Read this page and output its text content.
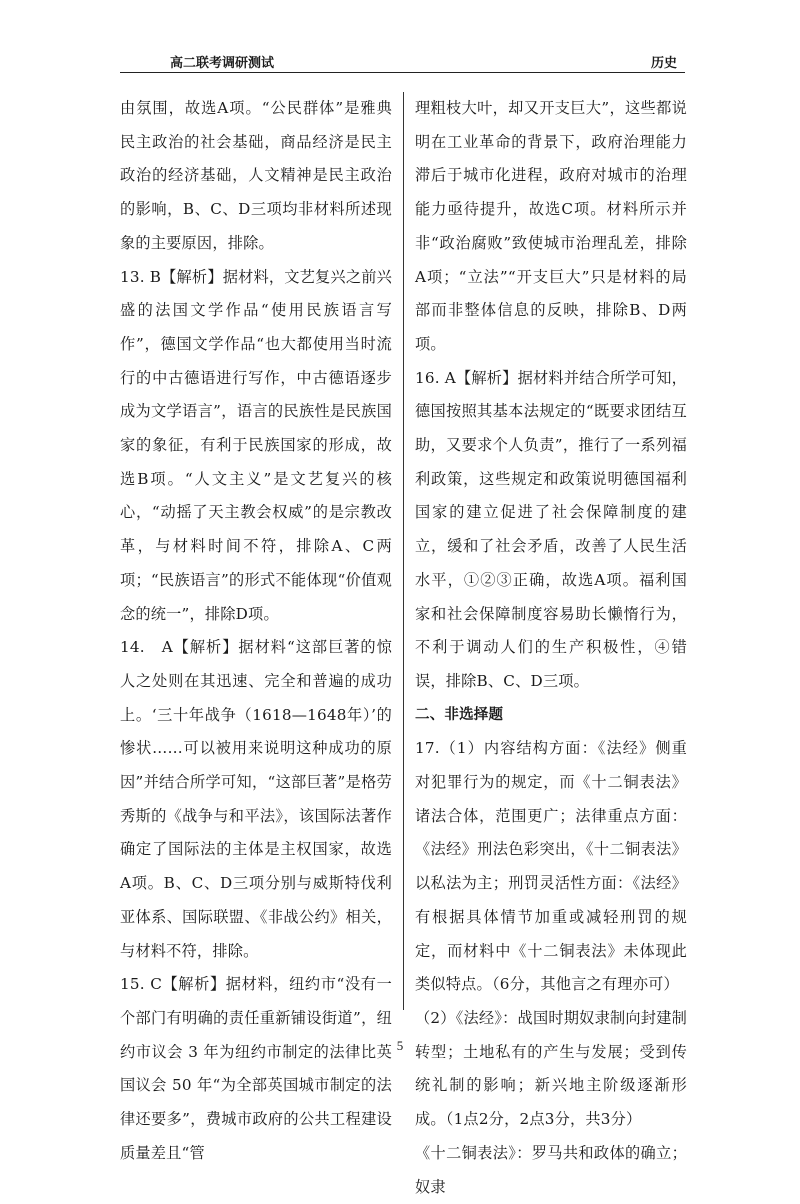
高二联考调研测试	历史

由氛围，故选A项。“公民群体”是雅典民主政治的社会基础，商品经济是民主政治的经济基础，人文精神是民主政治的影响，B、C、D三项均非材料所述现象的主要原因，排除。

13. B【解析】据材料，文艺复兴之前兴盛的法国文学作品“使用民族语言写作”，德国文学作品“也大都使用当时流行的中古德语进行写作，中古德语逐步成为文学语言”，语言的民族性是民族国家的象征，有利于民族国家的形成，故选B项。“人文主义”是文艺复兴的核心，“动摇了天主教会权威”的是宗教改革，与材料时间不符，排除A、C两项；“民族语言”的形式不能体现“价值观念的统一”，排除D项。

14.　A【解析】据材料“这部巨著的惊人之处则在其迅速、完全和普遍的成功上。‘三十年战争（1618—1648年）’的惨状……可以被用来说明这种成功的原因”并结合所学可知，“这部巨著”是格劳秀斯的《战争与和平法》，该国际法著作确定了国际法的主体是主权国家，故选A项。B、C、D三项分别与威斯特伐利亚体系、国际联盟、《非战公约》相关，与材料不符，排除。

15. C【解析】据材料，纽约市“没有一个部门有明确的责任重新铺设街道”，纽约市议会 3 年为纽约市制定的法律比英国议会 50 年“为全部英国城市制定的法律还要多”，费城市政府的公共工程建设质量差且“管

理粗枝大叶，却又开支巨大”，这些都说明在工业革命的背景下，政府治理能力滞后于城市化进程，政府对城市的治理能力亟待提升，故选C项。材料所示并非“政治腐败”致使城市治理乱差，排除A项；“立法”“开支巨大”只是材料的局部而非整体信息的反映，排除B、D两项。

16. A【解析】据材料并结合所学可知，德国按照其基本法规定的“既要求团结互助，又要求个人负责”，推行了一系列福利政策，这些规定和政策说明德国福利国家的建立促进了社会保障制度的建立，缓和了社会矛盾，改善了人民生活水平，①②③正确，故选A项。福利国家和社会保障制度容易助长懒惰行为，不利于调动人们的生产积极性，④错误，排除B、C、D三项。

二、非选择题

17.（1）内容结构方面：《法经》侧重对犯罪行为的规定，而《十二铜表法》诸法合体，范围更广；法律重点方面：《法经》刑法色彩突出，《十二铜表法》以私法为主；刑罚灵活性方面：《法经》有根据具体情节加重或减轻刑罚的规定，而材料中《十二铜表法》未体现此类似特点。（6分，其他言之有理亦可）

（2）《法经》：战国时期奴隶制向封建制转型；土地私有的产生与发展；受到传统礼制的影响；新兴地主阶级逐渐形成。（1点2分，2点3分，共3分）

《十二铜表法》：罗马共和政体的确立；奴隶

5
